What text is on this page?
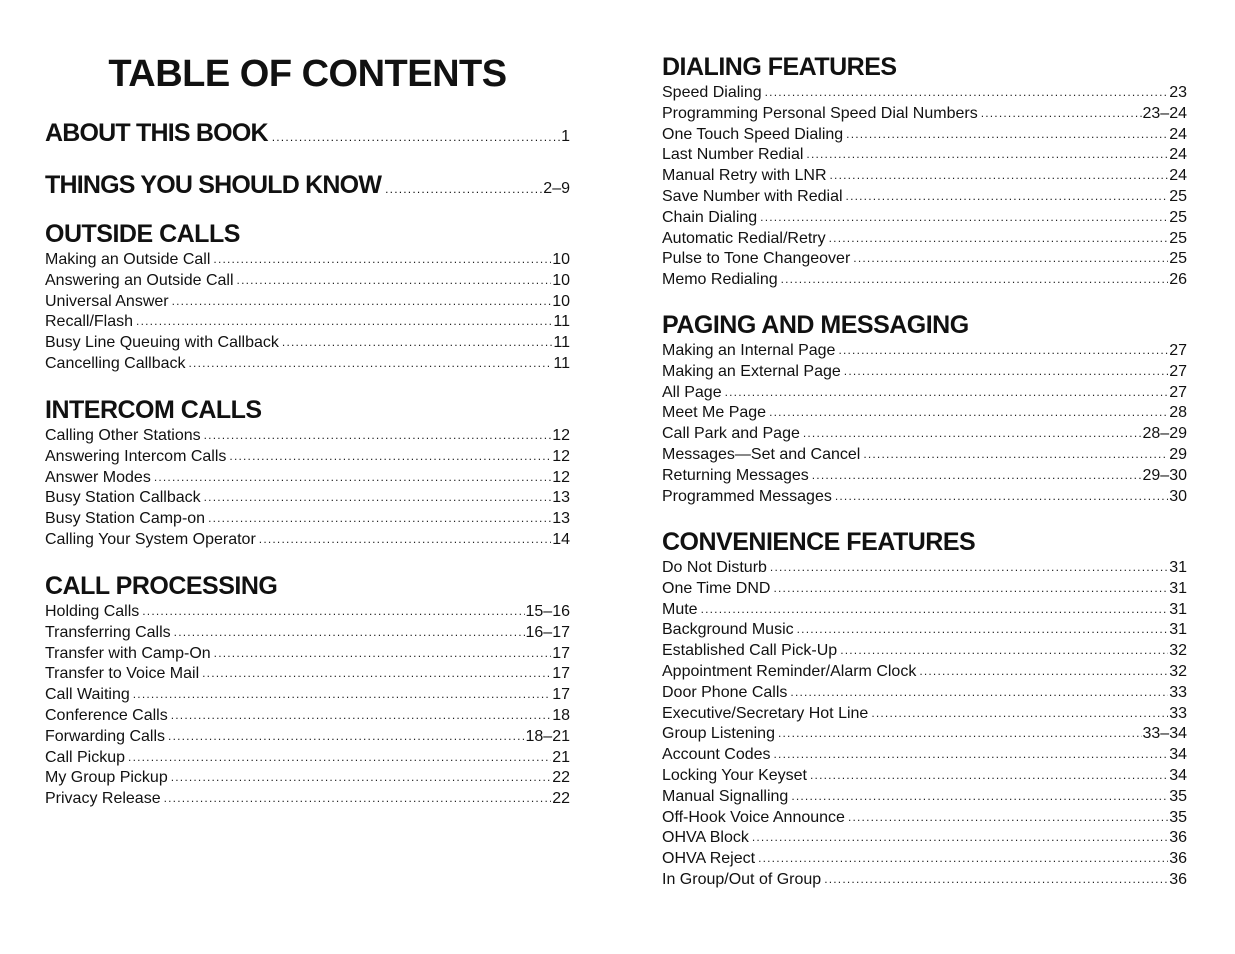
TABLE OF CONTENTS
ABOUT THIS BOOK .....	1
THINGS YOU SHOULD KNOW .....	2–9
OUTSIDE CALLS
Making an Outside Call .....	10
Answering an Outside Call .....	10
Universal Answer .....	10
Recall/Flash .....	11
Busy Line Queuing with Callback .....	11
Cancelling Callback .....	11
INTERCOM CALLS
Calling Other Stations .....	12
Answering Intercom Calls .....	12
Answer Modes .....	12
Busy Station Callback .....	13
Busy Station Camp-on .....	13
Calling Your System Operator .....	14
CALL PROCESSING
Holding Calls .....	15–16
Transferring Calls .....	16–17
Transfer with Camp-On .....	17
Transfer to Voice Mail .....	17
Call Waiting .....	17
Conference Calls .....	18
Forwarding Calls .....	18–21
Call Pickup .....	21
My Group Pickup .....	22
Privacy Release .....	22
DIALING FEATURES
Speed Dialing .....	23
Programming Personal Speed Dial Numbers .....	23–24
One Touch Speed Dialing .....	24
Last Number Redial .....	24
Manual Retry with LNR .....	24
Save Number with Redial .....	25
Chain Dialing .....	25
Automatic Redial/Retry .....	25
Pulse to Tone Changeover .....	25
Memo Redialing .....	26
PAGING AND MESSAGING
Making an Internal Page .....	27
Making an External Page .....	27
All Page .....	27
Meet Me Page .....	28
Call Park and Page .....	28–29
Messages—Set and Cancel .....	29
Returning Messages .....	29–30
Programmed Messages .....	30
CONVENIENCE FEATURES
Do Not Disturb .....	31
One Time DND .....	31
Mute .....	31
Background Music .....	31
Established Call Pick-Up .....	32
Appointment Reminder/Alarm Clock .....	32
Door Phone Calls .....	33
Executive/Secretary Hot Line .....	33
Group Listening .....	33–34
Account Codes .....	34
Locking Your Keyset .....	34
Manual Signalling .....	35
Off-Hook Voice Announce .....	35
OHVA Block .....	36
OHVA Reject .....	36
In Group/Out of Group .....	36
